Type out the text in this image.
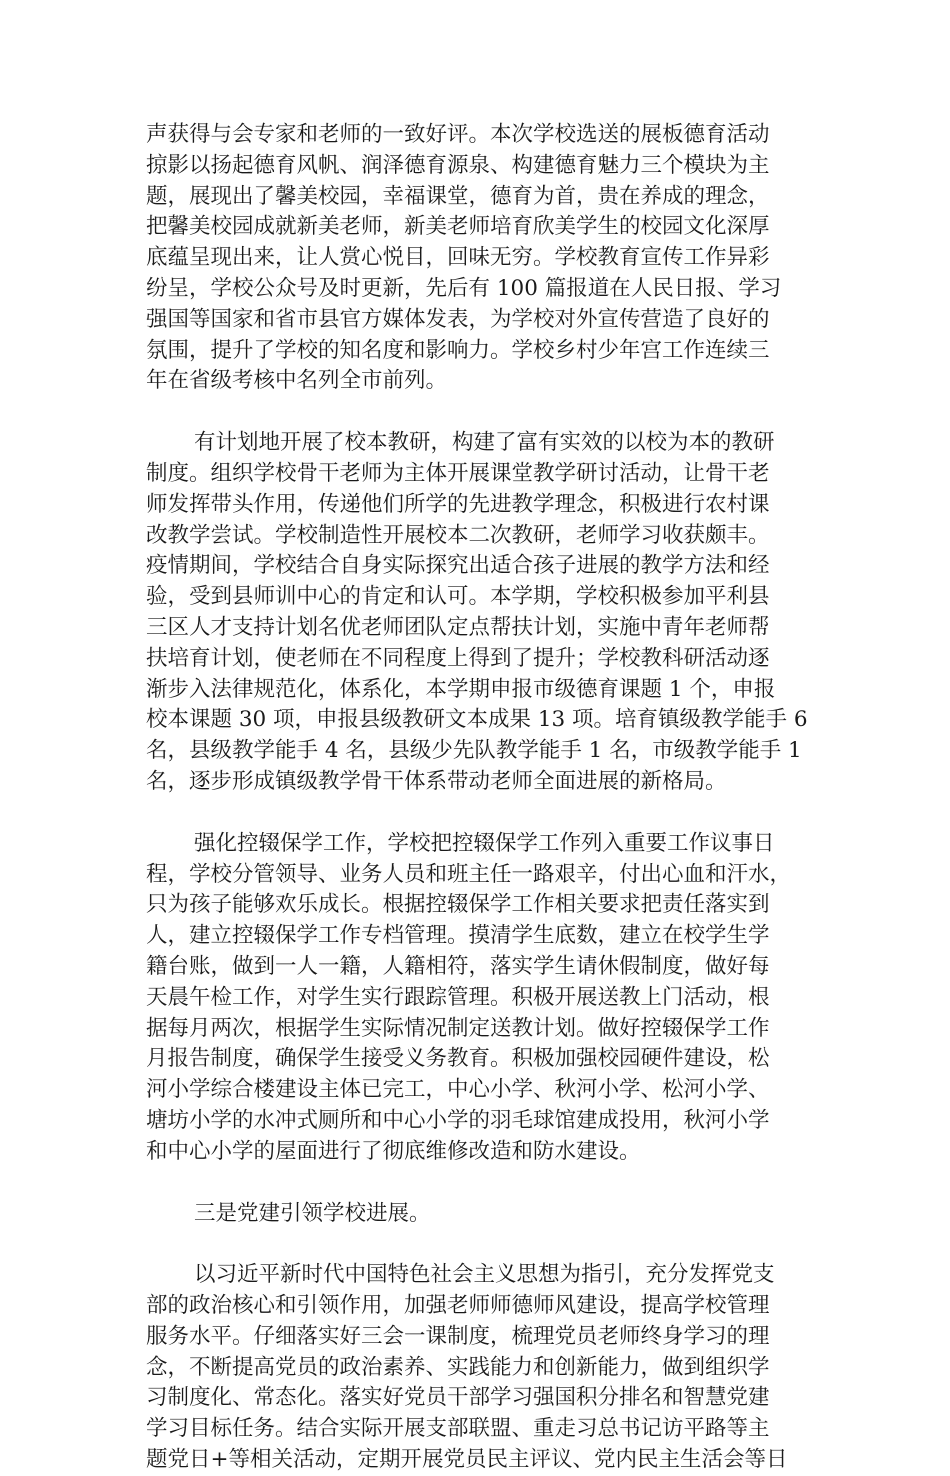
声获得与会专家和老师的一致好评。本次学校选送的展板德育活动
掠影以扬起德育风帆、润泽德育源泉、构建德育魅力三个模块为主
题，展现出了馨美校园，幸福课堂，德育为首，贵在养成的理念，
把馨美校园成就新美老师，新美老师培育欣美学生的校园文化深厚
底蕴呈现出来，让人赏心悦目，回味无穷。学校教育宣传工作异彩
纷呈，学校公众号及时更新，先后有 100 篇报道在人民日报、学习
强国等国家和省市县官方媒体发表，为学校对外宣传营造了良好的
氛围，提升了学校的知名度和影响力。学校乡村少年宫工作连续三
年在省级考核中名列全市前列。
有计划地开展了校本教研，构建了富有实效的以校为本的教研
制度。组织学校骨干老师为主体开展课堂教学研讨活动，让骨干老
师发挥带头作用，传递他们所学的先进教学理念，积极进行农村课
改教学尝试。学校制造性开展校本二次教研，老师学习收获颇丰。
疫情期间，学校结合自身实际探究出适合孩子进展的教学方法和经
验，受到县师训中心的肯定和认可。本学期，学校积极参加平利县
三区人才支持计划名优老师团队定点帮扶计划，实施中青年老师帮
扶培育计划，使老师在不同程度上得到了提升；学校教科研活动逐
渐步入法律规范化，体系化，本学期申报市级德育课题 1 个，申报
校本课题 30 项，申报县级教研文本成果 13 项。培育镇级教学能手 6
名，县级教学能手 4 名，县级少先队教学能手 1 名，市级教学能手 1
名，逐步形成镇级教学骨干体系带动老师全面进展的新格局。
强化控辍保学工作，学校把控辍保学工作列入重要工作议事日
程，学校分管领导、业务人员和班主任一路艰辛，付出心血和汗水，
只为孩子能够欢乐成长。根据控辍保学工作相关要求把责任落实到
人，建立控辍保学工作专档管理。摸清学生底数，建立在校学生学
籍台账，做到一人一籍，人籍相符，落实学生请休假制度，做好每
天晨午检工作，对学生实行跟踪管理。积极开展送教上门活动，根
据每月两次，根据学生实际情况制定送教计划。做好控辍保学工作
月报告制度，确保学生接受义务教育。积极加强校园硬件建设，松
河小学综合楼建设主体已完工，中心小学、秋河小学、松河小学、
塘坊小学的水冲式厕所和中心小学的羽毛球馆建成投用，秋河小学
和中心小学的屋面进行了彻底维修改造和防水建设。
三是党建引领学校进展。
以习近平新时代中国特色社会主义思想为指引，充分发挥党支
部的政治核心和引领作用，加强老师师德师风建设，提高学校管理
服务水平。仔细落实好三会一课制度，梳理党员老师终身学习的理
念，不断提高党员的政治素养、实践能力和创新能力，做到组织学
习制度化、常态化。落实好党员干部学习强国积分排名和智慧党建
学习目标任务。结合实际开展支部联盟、重走习总书记访平路等主
题党日+等相关活动，定期开展党员民主评议、党内民主生活会等日
